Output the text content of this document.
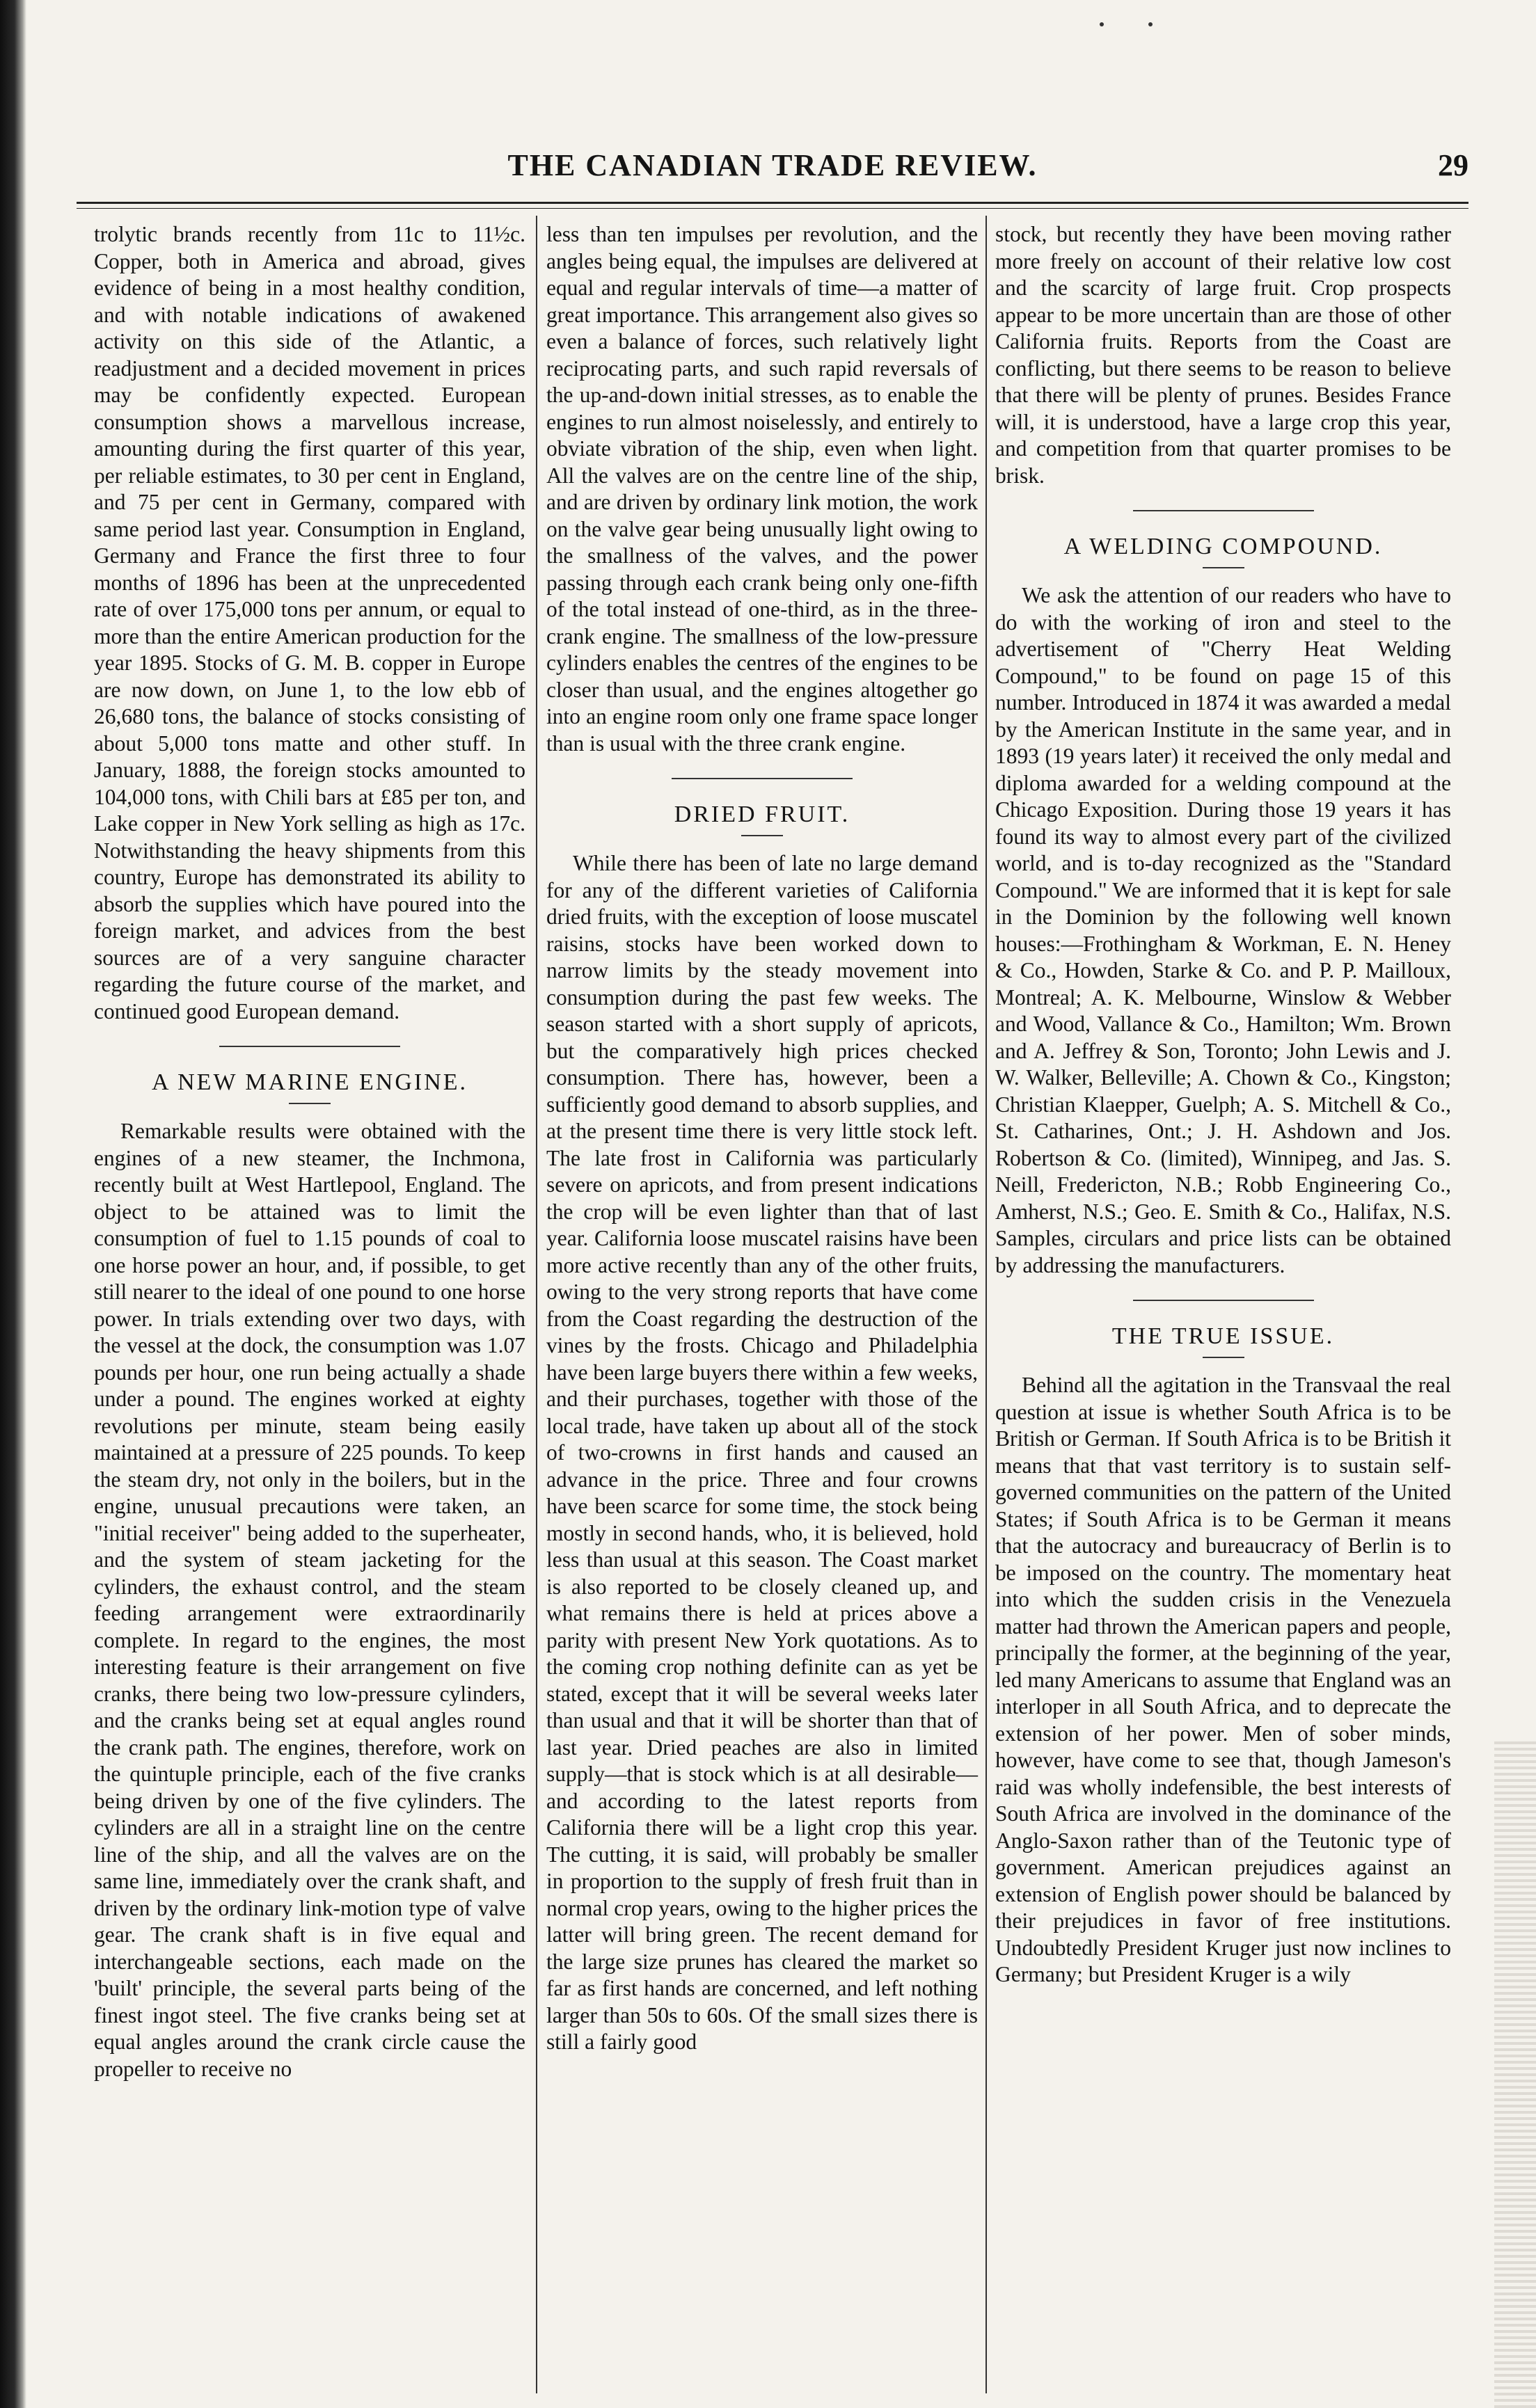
THE CANADIAN TRADE REVIEW.	29

trolytic brands recently from 11c to 11½c. Copper, both in America and abroad, gives evidence of being in a most healthy condition, and with notable indications of awakened activity on this side of the Atlantic, a readjustment and a decided movement in prices may be confidently expected. European consumption shows a marvellous increase, amounting during the first quarter of this year, per reliable estimates, to 30 per cent in England, and 75 per cent in Germany, compared with same period last year. Consumption in England, Germany and France the first three to four months of 1896 has been at the unprecedented rate of over 175,000 tons per annum, or equal to more than the entire American production for the year 1895. Stocks of G. M. B. copper in Europe are now down, on June 1, to the low ebb of 26,680 tons, the balance of stocks consisting of about 5,000 tons matte and other stuff. In January, 1888, the foreign stocks amounted to 104,000 tons, with Chili bars at £85 per ton, and Lake copper in New York selling as high as 17c. Notwithstanding the heavy shipments from this country, Europe has demonstrated its ability to absorb the supplies which have poured into the foreign market, and advices from the best sources are of a very sanguine character regarding the future course of the market, and continued good European demand.

A NEW MARINE ENGINE.

Remarkable results were obtained with the engines of a new steamer, the Inchmona, recently built at West Hartlepool, England. The object to be attained was to limit the consumption of fuel to 1.15 pounds of coal to one horse power an hour, and, if possible, to get still nearer to the ideal of one pound to one horse power. In trials extending over two days, with the vessel at the dock, the consumption was 1.07 pounds per hour, one run being actually a shade under a pound. The engines worked at eighty revolutions per minute, steam being easily maintained at a pressure of 225 pounds. To keep the steam dry, not only in the boilers, but in the engine, unusual precautions were taken, an "initial receiver" being added to the superheater, and the system of steam jacketing for the cylinders, the exhaust control, and the steam feeding arrangement were extraordinarily complete. In regard to the engines, the most interesting feature is their arrangement on five cranks, there being two low-pressure cylinders, and the cranks being set at equal angles round the crank path. The engines, therefore, work on the quintuple principle, each of the five cranks being driven by one of the five cylinders. The cylinders are all in a straight line on the centre line of the ship, and all the valves are on the same line, immediately over the crank shaft, and driven by the ordinary link-motion type of valve gear. The crank shaft is in five equal and interchangeable sections, each made on the 'built' principle, the several parts being of the finest ingot steel. The five cranks being set at equal angles around the crank circle cause the propeller to receive no

less than ten impulses per revolution, and the angles being equal, the impulses are delivered at equal and regular intervals of time—a matter of great importance. This arrangement also gives so even a balance of forces, such relatively light reciprocating parts, and such rapid reversals of the up-and-down initial stresses, as to enable the engines to run almost noiselessly, and entirely to obviate vibration of the ship, even when light. All the valves are on the centre line of the ship, and are driven by ordinary link motion, the work on the valve gear being unusually light owing to the smallness of the valves, and the power passing through each crank being only one-fifth of the total instead of one-third, as in the three-crank engine. The smallness of the low-pressure cylinders enables the centres of the engines to be closer than usual, and the engines altogether go into an engine room only one frame space longer than is usual with the three crank engine.

DRIED FRUIT.

While there has been of late no large demand for any of the different varieties of California dried fruits, with the exception of loose muscatel raisins, stocks have been worked down to narrow limits by the steady movement into consumption during the past few weeks. The season started with a short supply of apricots, but the comparatively high prices checked consumption. There has, however, been a sufficiently good demand to absorb supplies, and at the present time there is very little stock left. The late frost in California was particularly severe on apricots, and from present indications the crop will be even lighter than that of last year. California loose muscatel raisins have been more active recently than any of the other fruits, owing to the very strong reports that have come from the Coast regarding the destruction of the vines by the frosts. Chicago and Philadelphia have been large buyers there within a few weeks, and their purchases, together with those of the local trade, have taken up about all of the stock of two-crowns in first hands and caused an advance in the price. Three and four crowns have been scarce for some time, the stock being mostly in second hands, who, it is believed, hold less than usual at this season. The Coast market is also reported to be closely cleaned up, and what remains there is held at prices above a parity with present New York quotations. As to the coming crop nothing definite can as yet be stated, except that it will be several weeks later than usual and that it will be shorter than that of last year. Dried peaches are also in limited supply—that is stock which is at all desirable—and according to the latest reports from California there will be a light crop this year. The cutting, it is said, will probably be smaller in proportion to the supply of fresh fruit than in normal crop years, owing to the higher prices the latter will bring green. The recent demand for the large size prunes has cleared the market so far as first hands are concerned, and left nothing larger than 50s to 60s. Of the small sizes there is still a fairly good

stock, but recently they have been moving rather more freely on account of their relative low cost and the scarcity of large fruit. Crop prospects appear to be more uncertain than are those of other California fruits. Reports from the Coast are conflicting, but there seems to be reason to believe that there will be plenty of prunes. Besides France will, it is understood, have a large crop this year, and competition from that quarter promises to be brisk.

A WELDING COMPOUND.

We ask the attention of our readers who have to do with the working of iron and steel to the advertisement of "Cherry Heat Welding Compound," to be found on page 15 of this number. Introduced in 1874 it was awarded a medal by the American Institute in the same year, and in 1893 (19 years later) it received the only medal and diploma awarded for a welding compound at the Chicago Exposition. During those 19 years it has found its way to almost every part of the civilized world, and is to-day recognized as the "Standard Compound." We are informed that it is kept for sale in the Dominion by the following well known houses:—Frothingham & Workman, E. N. Heney & Co., Howden, Starke & Co. and P. P. Mailloux, Montreal; A. K. Melbourne, Winslow & Webber and Wood, Vallance & Co., Hamilton; Wm. Brown and A. Jeffrey & Son, Toronto; John Lewis and J. W. Walker, Belleville; A. Chown & Co., Kingston; Christian Klaepper, Guelph; A. S. Mitchell & Co., St. Catharines, Ont.; J. H. Ashdown and Jos. Robertson & Co. (limited), Winnipeg, and Jas. S. Neill, Fredericton, N.B.; Robb Engineering Co., Amherst, N.S.; Geo. E. Smith & Co., Halifax, N.S. Samples, circulars and price lists can be obtained by addressing the manufacturers.

THE TRUE ISSUE.

Behind all the agitation in the Transvaal the real question at issue is whether South Africa is to be British or German. If South Africa is to be British it means that that vast territory is to sustain self-governed communities on the pattern of the United States; if South Africa is to be German it means that the autocracy and bureaucracy of Berlin is to be imposed on the country. The momentary heat into which the sudden crisis in the Venezuela matter had thrown the American papers and people, principally the former, at the beginning of the year, led many Americans to assume that England was an interloper in all South Africa, and to deprecate the extension of her power. Men of sober minds, however, have come to see that, though Jameson's raid was wholly indefensible, the best interests of South Africa are involved in the dominance of the Anglo-Saxon rather than of the Teutonic type of government. American prejudices against an extension of English power should be balanced by their prejudices in favor of free institutions. Undoubtedly President Kruger just now inclines to Germany; but President Kruger is a wily
